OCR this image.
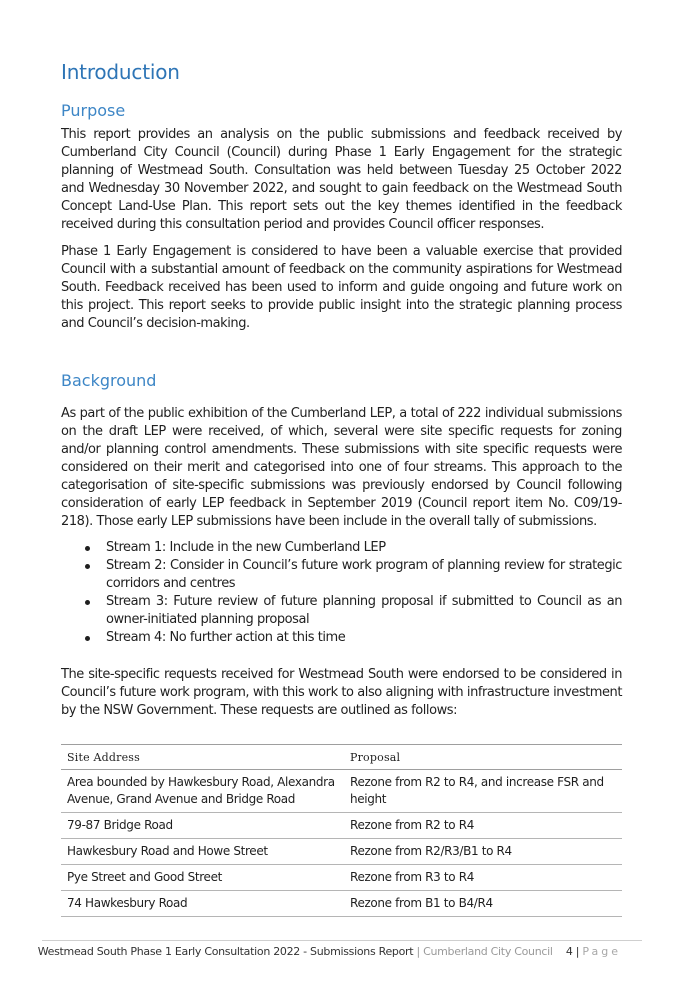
Introduction
Purpose

This report provides an analysis on the public submissions and feedback received by Cumberland City Council (Council) during Phase 1 Early Engagement for the strategic planning of Westmead South. Consultation was held between Tuesday 25 October 2022 and Wednesday 30 November 2022, and sought to gain feedback on the Westmead South Concept Land-Use Plan. This report sets out the key themes identified in the feedback received during this consultation period and provides Council officer responses.

Phase 1 Early Engagement is considered to have been a valuable exercise that provided Council with a substantial amount of feedback on the community aspirations for Westmead South. Feedback received has been used to inform and guide ongoing and future work on this project. This report seeks to provide public insight into the strategic planning process and Council’s decision-making.

Background

As part of the public exhibition of the Cumberland LEP, a total of 222 individual submissions on the draft LEP were received, of which, several were site specific requests for zoning and/or planning control amendments. These submissions with site specific requests were considered on their merit and categorised into one of four streams. This approach to the categorisation of site-specific submissions was previously endorsed by Council following consideration of early LEP feedback in September 2019 (Council report item No. C09/19-218). Those early LEP submissions have been include in the overall tally of submissions.

Stream 1: Include in the new Cumberland LEP
Stream 2: Consider in Council’s future work program of planning review for strategic corridors and centres
Stream 3: Future review of future planning proposal if submitted to Council as an owner-initiated planning proposal
Stream 4: No further action at this time

The site-specific requests received for Westmead South were endorsed to be considered in Council’s future work program, with this work to also aligning with infrastructure investment by the NSW Government. These requests are outlined as follows:

Site Address	Proposal
Area bounded by Hawkesbury Road, Alexandra Avenue, Grand Avenue and Bridge Road	Rezone from R2 to R4, and increase FSR and height
79-87 Bridge Road	Rezone from R2 to R4
Hawkesbury Road and Howe Street	Rezone from R2/R3/B1 to R4
Pye Street and Good Street	Rezone from R3 to R4
74 Hawkesbury Road	Rezone from B1 to B4/R4
Westmead South Phase 1 Early Consultation 2022 - Submissions Report | Cumberland City Council 4 | Page
